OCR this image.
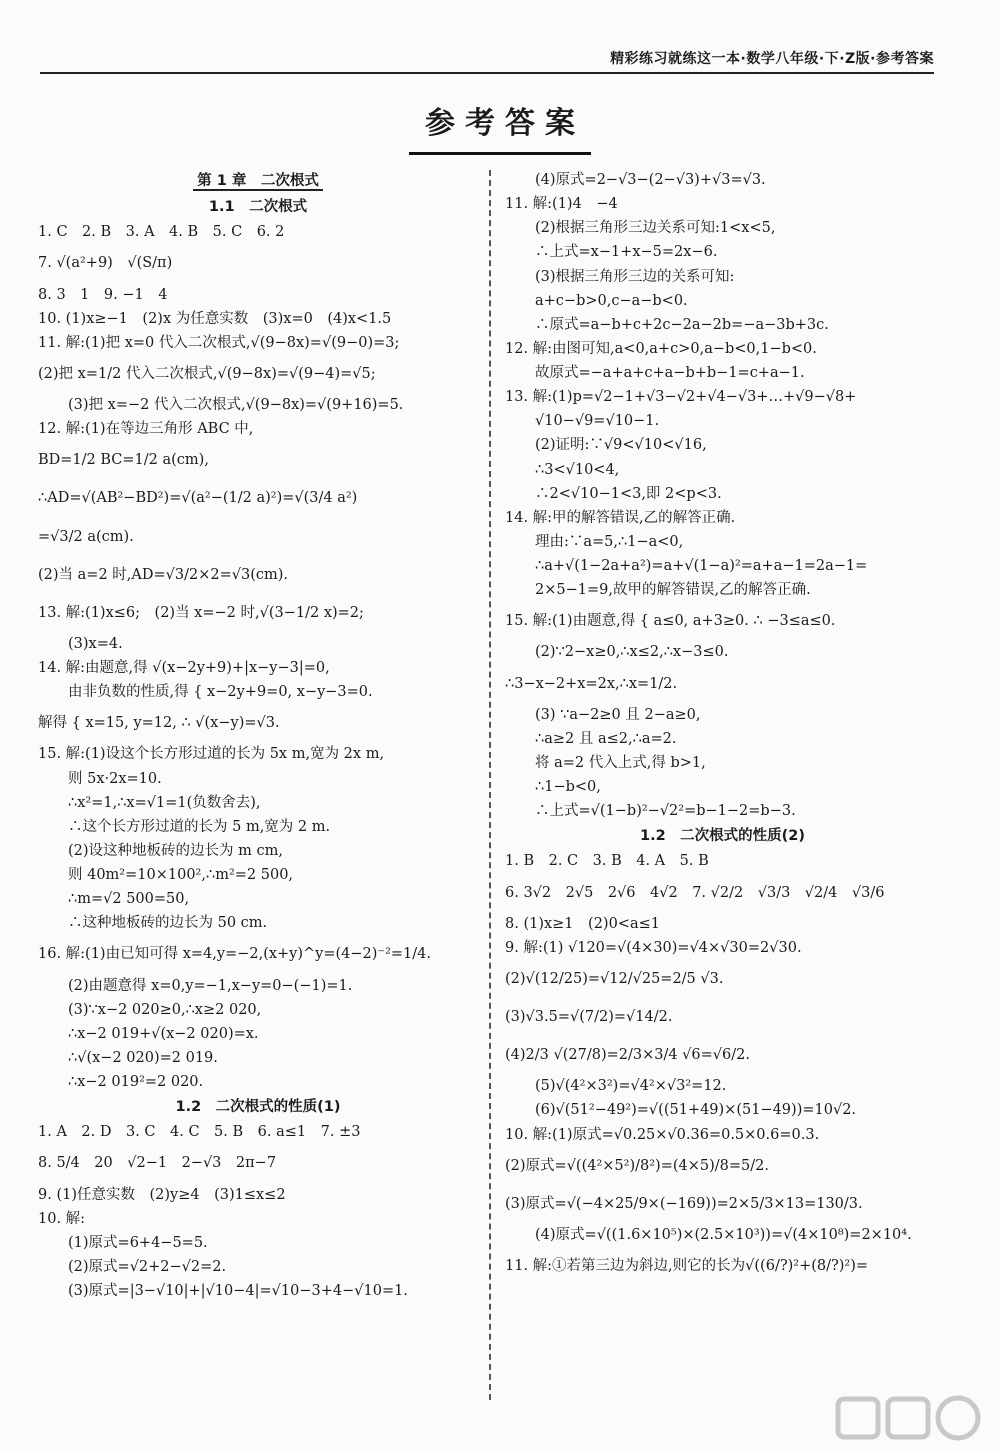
精彩练习就练这一本·数学八年级·下·Z版·参考答案
参考答案
第 1 章　二次根式
1.1　二次根式
1. C　2. B　3. A　4. B　5. C　6. 2
7. √(a²+9)　√(S/π)
8. 3　1　9. −1　4
10. (1)x≥−1　(2)x 为任意实数　(3)x=0　(4)x<1.5
11. 解:(1)把 x=0 代入二次根式,√(9−8x)=√(9−0)=3;
(2)把 x=1/2 代入二次根式,√(9−8x)=√(9−4)=√5;
(3)把 x=−2 代入二次根式,√(9−8x)=√(9+16)=5.
12. 解:(1)在等边三角形 ABC 中,
BD=1/2 BC=1/2 a(cm),
∴AD=√(AB²−BD²)=√(a²−(1/2 a)²)=√(3/4 a²)
=√3/2 a(cm).
(2)当 a=2 时,AD=√3/2×2=√3(cm).
13. 解:(1)x≤6;　(2)当 x=−2 时,√(3−1/2 x)=2;
(3)x=4.
14. 解:由题意,得 √(x−2y+9)+|x−y−3|=0,
由非负数的性质,得 { x−2y+9=0, x−y−3=0.
解得 { x=15, y=12, ∴ √(x−y)=√3.
15. 解:(1)设这个长方形过道的长为 5x m,宽为 2x m,
则 5x·2x=10.
∴x²=1,∴x=√1=1(负数舍去),
∴这个长方形过道的长为 5 m,宽为 2 m.
(2)设这种地板砖的边长为 m cm,
则 40m²=10×100²,∴m²=2 500,
∴m=√2 500=50,
∴这种地板砖的边长为 50 cm.
16. 解:(1)由已知可得 x=4,y=−2,(x+y)^y=(4−2)⁻²=1/4.
(2)由题意得 x=0,y=−1,x−y=0−(−1)=1.
(3)∵x−2 020≥0,∴x≥2 020,
∴x−2 019+√(x−2 020)=x.
∴√(x−2 020)=2 019.
∴x−2 019²=2 020.
1.2　二次根式的性质(1)
1. A　2. D　3. C　4. C　5. B　6. a≤1　7. ±3
8. 5/4　20　√2−1　2−√3　2π−7
9. (1)任意实数　(2)y≥4　(3)1≤x≤2
10. 解:
(1)原式=6+4−5=5.
(2)原式=√2+2−√2=2.
(3)原式=|3−√10|+|√10−4|=√10−3+4−√10=1.
(4)原式=2−√3−(2−√3)+√3=√3.
11. 解:(1)4　−4
(2)根据三角形三边关系可知:1<x<5,
∴上式=x−1+x−5=2x−6.
(3)根据三角形三边的关系可知:
a+c−b>0,c−a−b<0.
∴原式=a−b+c+2c−2a−2b=−a−3b+3c.
12. 解:由图可知,a<0,a+c>0,a−b<0,1−b<0.
故原式=−a+a+c+a−b+b−1=c+a−1.
13. 解:(1)p=√2−1+√3−√2+√4−√3+…+√9−√8+
√10−√9=√10−1.
(2)证明:∵√9<√10<√16,
∴3<√10<4,
∴2<√10−1<3,即 2<p<3.
14. 解:甲的解答错误,乙的解答正确.
理由:∵a=5,∴1−a<0,
∴a+√(1−2a+a²)=a+√(1−a)²=a+a−1=2a−1=
2×5−1=9,故甲的解答错误,乙的解答正确.
15. 解:(1)由题意,得 { a≤0, a+3≥0. ∴ −3≤a≤0.
(2)∵2−x≥0,∴x≤2,∴x−3≤0.
∴3−x−2+x=2x,∴x=1/2.
(3) ∵a−2≥0 且 2−a≥0,
∴a≥2 且 a≤2,∴a=2.
将 a=2 代入上式,得 b>1,
∴1−b<0,
∴上式=√(1−b)²−√2²=b−1−2=b−3.
1.2　二次根式的性质(2)
1. B　2. C　3. B　4. A　5. B
6. 3√2　2√5　2√6　4√2　7. √2/2　√3/3　√2/4　√3/6
8. (1)x≥1　(2)0<a≤1
9. 解:(1) √120=√(4×30)=√4×√30=2√30.
(2)√(12/25)=√12/√25=2/5 √3.
(3)√3.5=√(7/2)=√14/2.
(4)2/3 √(27/8)=2/3×3/4 √6=√6/2.
(5)√(4²×3²)=√4²×√3²=12.
(6)√(51²−49²)=√((51+49)×(51−49))=10√2.
10. 解:(1)原式=√0.25×√0.36=0.5×0.6=0.3.
(2)原式=√((4²×5²)/8²)=(4×5)/8=5/2.
(3)原式=√(−4×25/9×(−169))=2×5/3×13=130/3.
(4)原式=√((1.6×10⁵)×(2.5×10³))=√(4×10⁸)=2×10⁴.
11. 解:①若第三边为斜边,则它的长为√((6/?)²+(8/?)²)=
